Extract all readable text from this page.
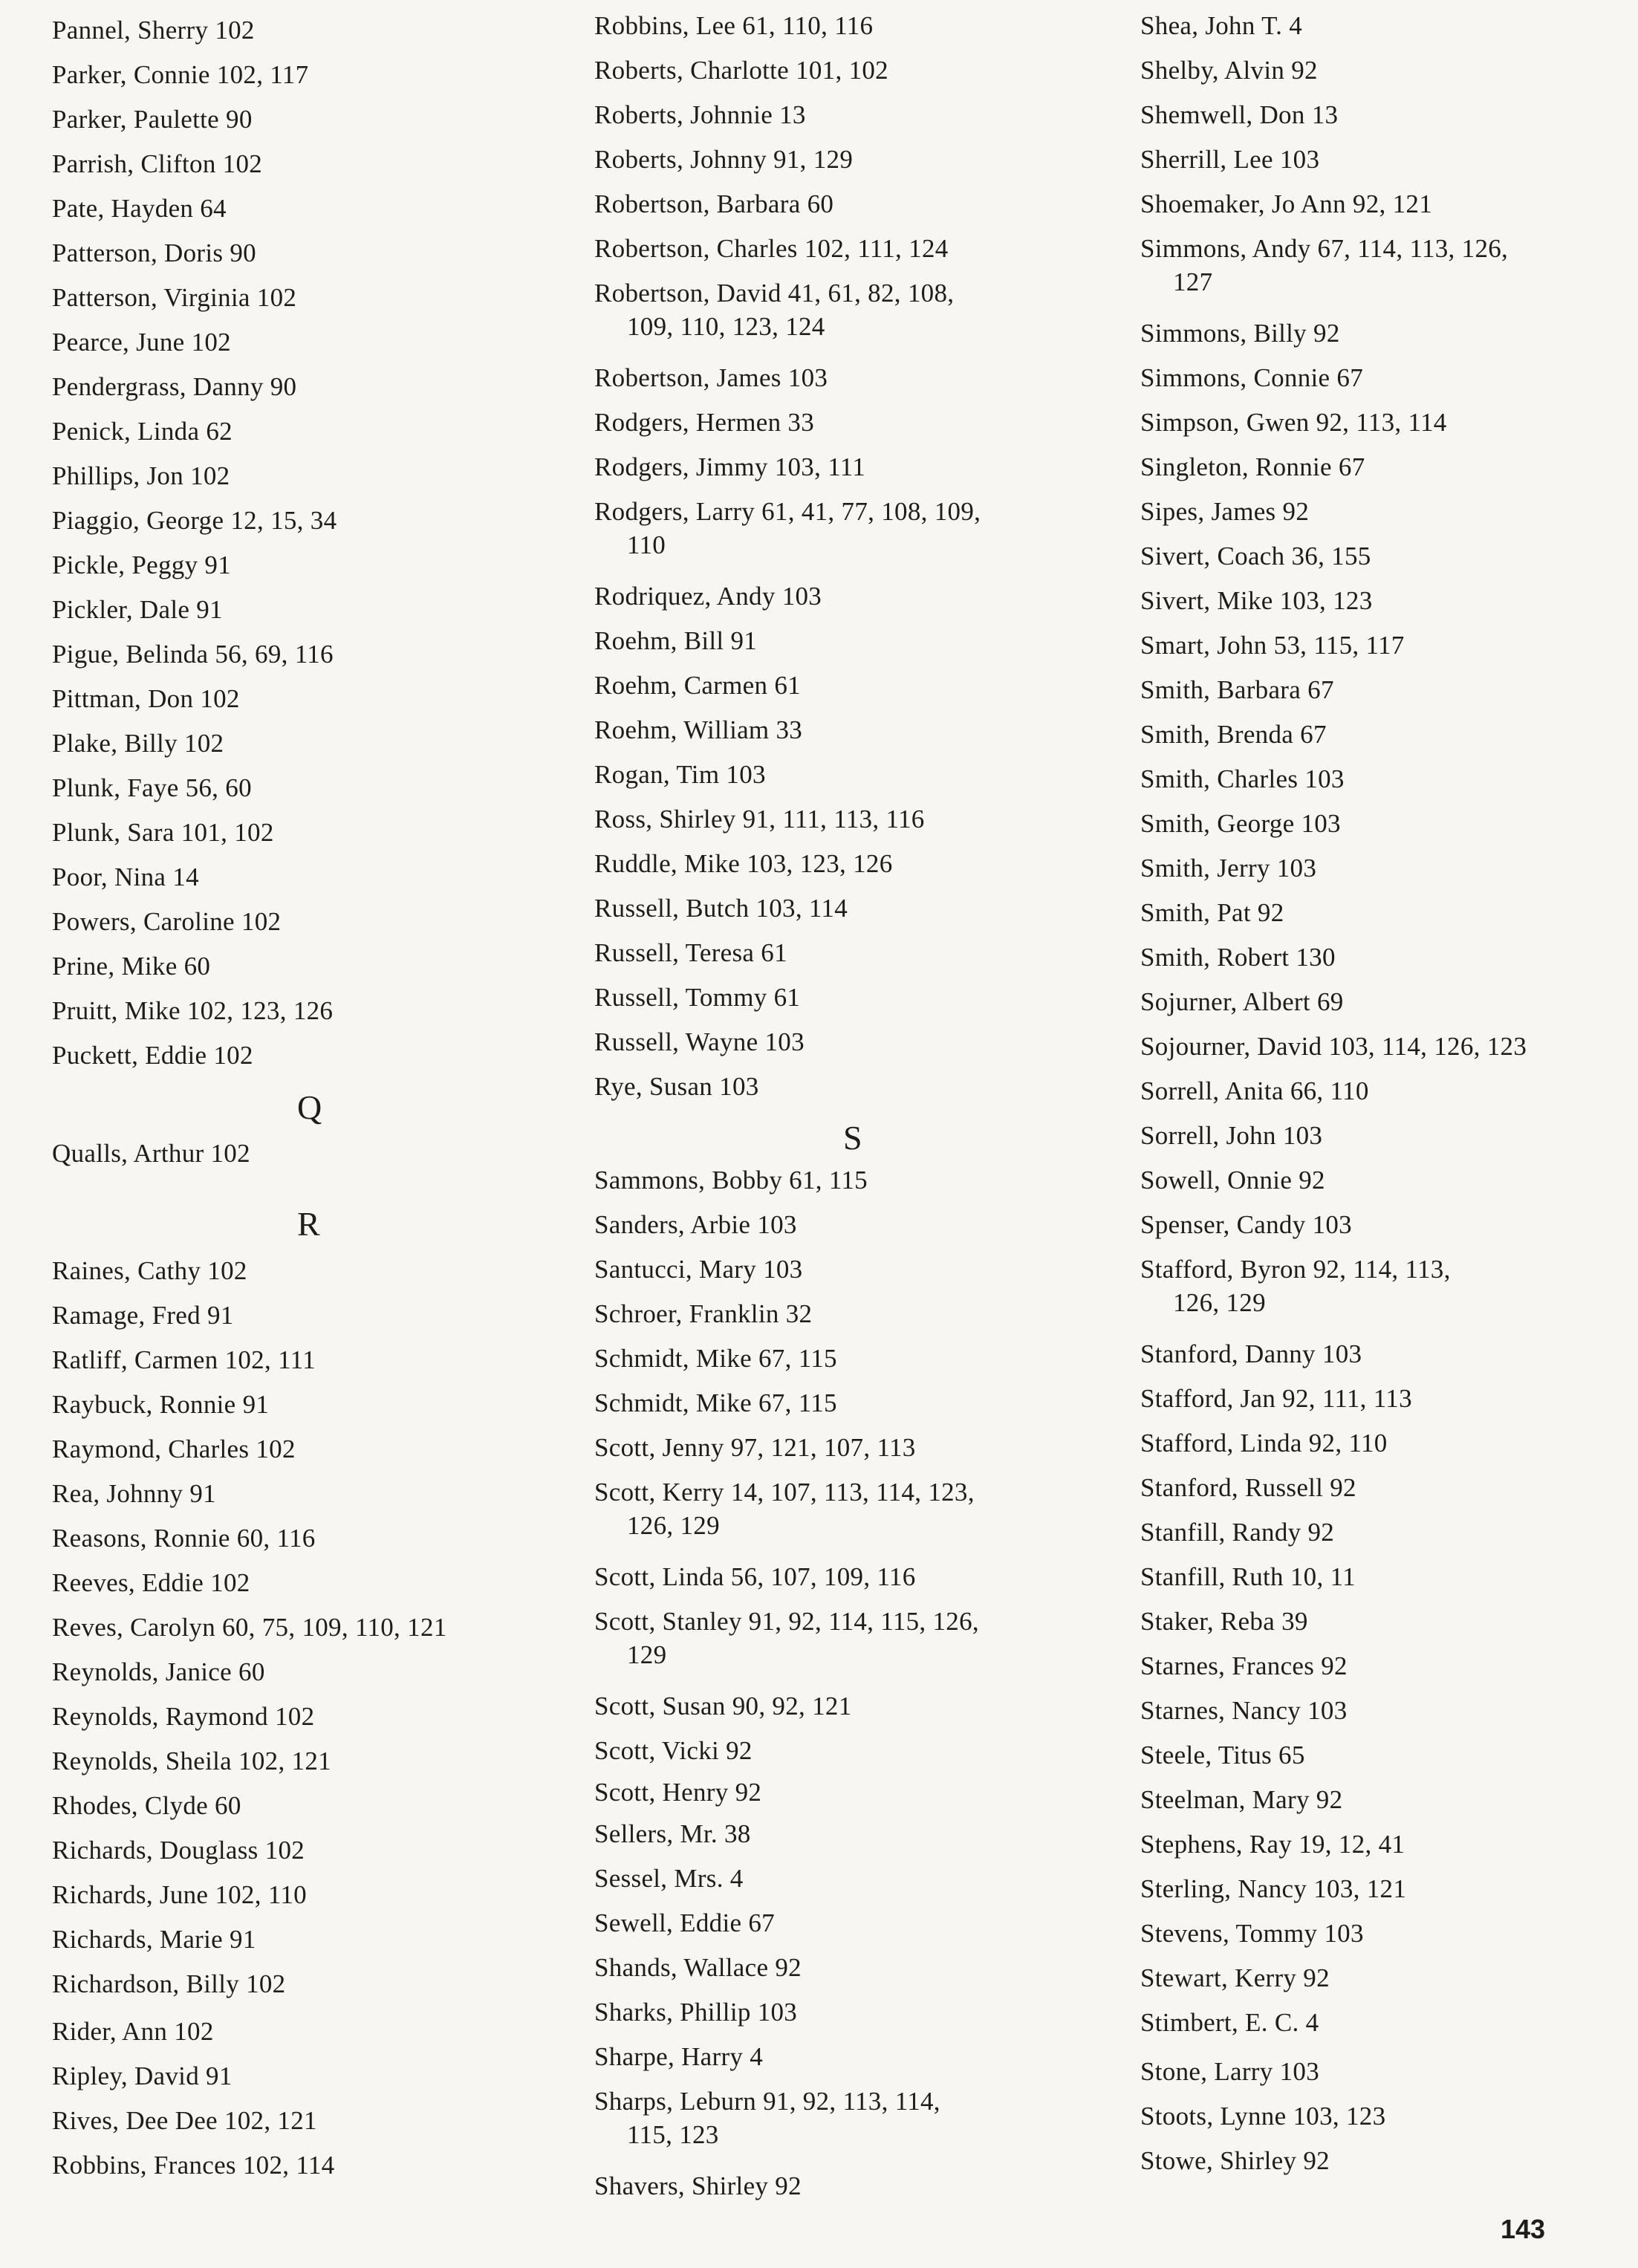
Pannel, Sherry 102
Parker, Connie 102, 117
Parker, Paulette 90
Parrish, Clifton 102
Pate, Hayden 64
Patterson, Doris 90
Patterson, Virginia 102
Pearce, June 102
Pendergrass, Danny 90
Penick, Linda 62
Phillips, Jon 102
Piaggio, George 12, 15, 34
Pickle, Peggy 91
Pickler, Dale 91
Pigue, Belinda 56, 69, 116
Pittman, Don 102
Plake, Billy 102
Plunk, Faye 56, 60
Plunk, Sara 101, 102
Poor, Nina 14
Powers, Caroline 102
Prine, Mike 60
Pruitt, Mike 102, 123, 126
Puckett, Eddie 102
Q
Qualls, Arthur 102
R
Raines, Cathy 102
Ramage, Fred 91
Ratliff, Carmen 102, 111
Raybuck, Ronnie 91
Raymond, Charles 102
Rea, Johnny 91
Reasons, Ronnie 60, 116
Reeves, Eddie 102
Reves, Carolyn 60, 75, 109, 110, 121
Reynolds, Janice 60
Reynolds, Raymond 102
Reynolds, Sheila 102, 121
Rhodes, Clyde 60
Richards, Douglass 102
Richards, June 102, 110
Richards, Marie 91
Richardson, Billy 102
Rider, Ann 102
Ripley, David 91
Rives, Dee Dee 102, 121
Robbins, Frances 102, 114
Robbins, Lee 61, 110, 116
Roberts, Charlotte 101, 102
Roberts, Johnnie 13
Roberts, Johnny 91, 129
Robertson, Barbara 60
Robertson, Charles 102, 111, 124
Robertson, David 41, 61, 82, 108,
109, 110, 123, 124
Robertson, James 103
Rodgers, Hermen 33
Rodgers, Jimmy 103, 111
Rodgers, Larry 61, 41, 77, 108, 109,
110
Rodriquez, Andy 103
Roehm, Bill 91
Roehm, Carmen 61
Roehm, William 33
Rogan, Tim 103
Ross, Shirley 91, 111, 113, 116
Ruddle, Mike 103, 123, 126
Russell, Butch 103, 114
Russell, Teresa 61
Russell, Tommy 61
Russell, Wayne 103
Rye, Susan 103
S
Sammons, Bobby 61, 115
Sanders, Arbie 103
Santucci, Mary 103
Schroer, Franklin 32
Schmidt, Mike 67, 115
Schmidt, Mike 67, 115
Scott, Jenny 97, 121, 107, 113
Scott, Kerry 14, 107, 113, 114, 123,
126, 129
Scott, Linda 56, 107, 109, 116
Scott, Stanley 91, 92, 114, 115, 126,
129
Scott, Susan 90, 92, 121
Scott, Vicki 92
Scott, Henry 92
Sellers, Mr. 38
Sessel, Mrs. 4
Sewell, Eddie 67
Shands, Wallace 92
Sharks, Phillip 103
Sharpe, Harry 4
Sharps, Leburn 91, 92, 113, 114,
115, 123
Shavers, Shirley 92
Shea, John T. 4
Shelby, Alvin 92
Shemwell, Don 13
Sherrill, Lee 103
Shoemaker, Jo Ann 92, 121
Simmons, Andy 67, 114, 113, 126,
127
Simmons, Billy 92
Simmons, Connie 67
Simpson, Gwen 92, 113, 114
Singleton, Ronnie 67
Sipes, James 92
Sivert, Coach 36, 155
Sivert, Mike 103, 123
Smart, John 53, 115, 117
Smith, Barbara 67
Smith, Brenda 67
Smith, Charles 103
Smith, George 103
Smith, Jerry 103
Smith, Pat 92
Smith, Robert 130
Sojurner, Albert 69
Sojourner, David 103, 114, 126, 123
Sorrell, Anita 66, 110
Sorrell, John 103
Sowell, Onnie 92
Spenser, Candy 103
Stafford, Byron 92, 114, 113,
126, 129
Stanford, Danny 103
Stafford, Jan 92, 111, 113
Stafford, Linda 92, 110
Stanford, Russell 92
Stanfill, Randy 92
Stanfill, Ruth 10, 11
Staker, Reba 39
Starnes, Frances 92
Starnes, Nancy 103
Steele, Titus 65
Steelman, Mary 92
Stephens, Ray 19, 12, 41
Sterling, Nancy 103, 121
Stevens, Tommy 103
Stewart, Kerry 92
Stimbert, E. C. 4
Stone, Larry 103
Stoots, Lynne 103, 123
Stowe, Shirley 92
143
